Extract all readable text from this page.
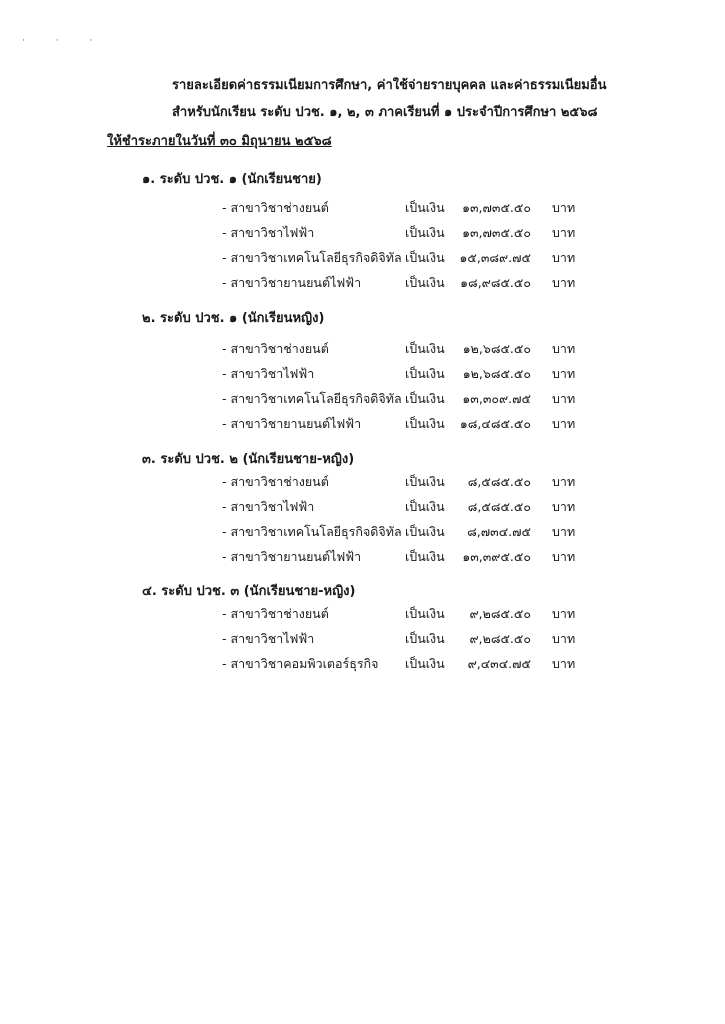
· · ·
รายละเอียดค่าธรรมเนียมการศึกษา, ค่าใช้จ่ายรายบุคคล และค่าธรรมเนียมอื่น
สำหรับนักเรียน ระดับ ปวช. ๑, ๒, ๓ ภาคเรียนที่ ๑ ประจำปีการศึกษา ๒๕๖๘
ให้ชำระภายในวันที่ ๓๐ มิถุนายน ๒๕๖๘
๑. ระดับ ปวช. ๑ (นักเรียนชาย)
- สาขาวิชาช่างยนต์	เป็นเงิน	๑๓,๗๓๕.๕๐ บาท
- สาขาวิชาไฟฟ้า	เป็นเงิน	๑๓,๗๓๕.๕๐ บาท
- สาขาวิชาเทคโนโลยีธุรกิจดิจิทัล เป็นเงิน	๑๕,๓๘๙.๗๕ บาท
- สาขาวิชายานยนต์ไฟฟ้า	เป็นเงิน	๑๘,๙๘๕.๕๐ บาท
๒. ระดับ ปวช. ๑ (นักเรียนหญิง)
- สาขาวิชาช่างยนต์	เป็นเงิน	๑๒,๖๘๕.๕๐ บาท
- สาขาวิชาไฟฟ้า	เป็นเงิน	๑๒,๖๘๕.๕๐ บาท
- สาขาวิชาเทคโนโลยีธุรกิจดิจิทัล เป็นเงิน	๑๓,๓๐๙.๗๕ บาท
- สาขาวิชายานยนต์ไฟฟ้า	เป็นเงิน	๑๘,๔๘๕.๕๐ บาท
๓. ระดับ ปวช. ๒ (นักเรียนชาย-หญิง)
- สาขาวิชาช่างยนต์	เป็นเงิน	๘,๕๘๕.๕๐ บาท
- สาขาวิชาไฟฟ้า	เป็นเงิน	๘,๕๘๕.๕๐ บาท
- สาขาวิชาเทคโนโลยีธุรกิจดิจิทัล เป็นเงิน	๘,๗๓๔.๗๕ บาท
- สาขาวิชายานยนต์ไฟฟ้า	เป็นเงิน	๑๓,๓๙๕.๕๐ บาท
๔. ระดับ ปวช. ๓ (นักเรียนชาย-หญิง)
- สาขาวิชาช่างยนต์	เป็นเงิน	๙,๒๘๕.๕๐ บาท
- สาขาวิชาไฟฟ้า	เป็นเงิน	๙,๒๘๕.๕๐ บาท
- สาขาวิชาคอมพิวเตอร์ธุรกิจ เป็นเงิน	๙,๔๓๔.๗๕ บาท
